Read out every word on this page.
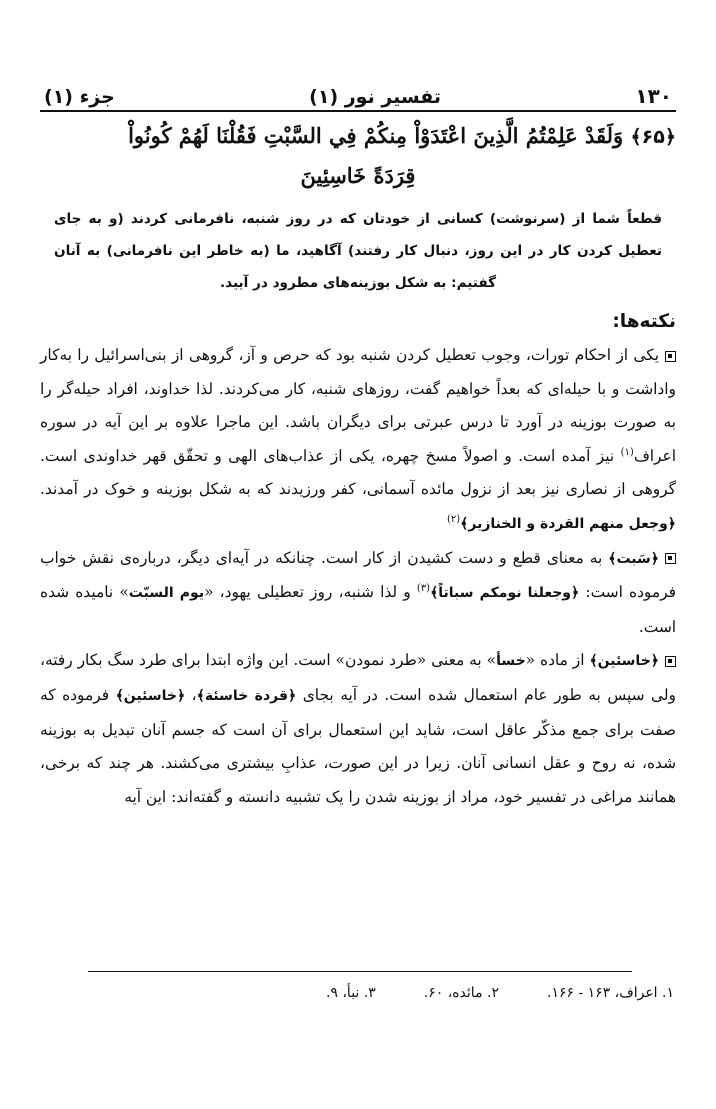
۱۳۰
تفسیر نور (۱)
جزء (۱)
﴿۶۵﴾ وَلَقَدْ عَلِمْتُمُ الَّذِينَ اعْتَدَوْاْ مِنكُمْ فِي السَّبْتِ فَقُلْنَا لَهُمْ كُونُواْ
قِرَدَةً خَاسِئِينَ
قطعاً شما از (سرنوشت) کسانی از خودتان که در روز شنبه، نافرمانی کردند (و به جای تعطیل کردن کار در این روز، دنبال کار رفتند) آگاهید، ما (به خاطر این نافرمانی) به آنان گفتیم: به شکل بوزینه‌های مطرود در آیید.
نکته‌ها:

یکی از احکام تورات، وجوب تعطیل کردن شنبه بود که حرص و آز، گروهی از بنی‌اسرائیل را به‌کار واداشت و با حیله‌ای که بعداً خواهیم گفت، روزهای شنبه، کار می‌کردند. لذا خداوند، افراد حیله‌گر را به صورت بوزینه در آورد تا درس عبرتی برای دیگران باشد. این ماجرا علاوه بر این آیه در سوره اعراف$^{(۱)}$ نیز آمده است. و اصولاً مسخ چهره، یکی از عذاب‌های الهی و تحقّق قهر خداوندی است. گروهی از نصاری نیز بعد از نزول مائده آسمانی، کفر ورزیدند که به شکل بوزینه و خوک در آمدند. ﴿وجعل منهم القردة و الخنازیر﴾$^{(۲)}$

﴿سَبت﴾ به معنای قطع و دست کشیدن از کار است. چنانکه در آیه‌ای دیگر، درباره‌ی نقش خواب فرموده است: ﴿وجعلنا نومکم سباتاً﴾$^{(۳)}$ و لذا شنبه، روز تعطیلی یهود، «یوم السبّت» نامیده شده است.

﴿خاسئین﴾ از ماده «خسأ» به معنی «طرد نمودن» است. این واژه ابتدا برای طرد سگ بکار رفته، ولی سپس به طور عام استعمال شده است. در آیه بجای ﴿قردة خاسئة﴾، ﴿خاسئین﴾ فرموده که صفت برای جمع مذکّر عاقل است، شاید این استعمال برای آن است که جسم آنان تبدیل به بوزینه شده، نه روح و عقل انسانی آنان. زیرا در این صورت، عذابِ بیشتری می‌کشند. هر چند که برخی، همانند مراغی در تفسیر خود، مراد از بوزینه شدن را یک تشبیه دانسته و گفته‌اند: این آیه

۱. اعراف، ۱۶۳ - ۱۶۶.
۲. مائده، ۶۰.
۳. نبأ، ۹.
